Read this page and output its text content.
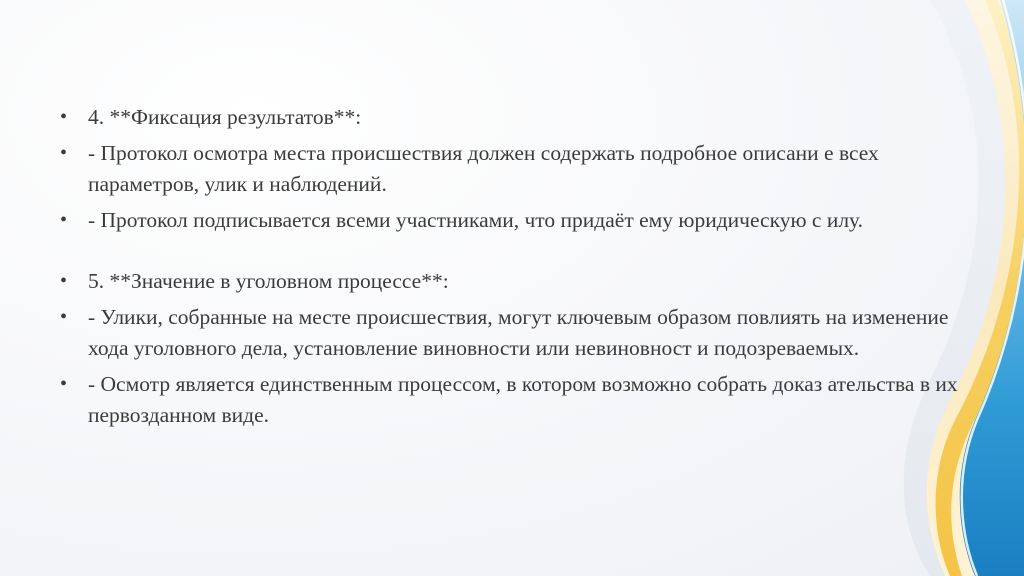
• 4. **Фиксация результатов**:
• - Протокол осмотра места происшествия должен содержать подробное описани е всех параметров, улик и наблюдений.
• - Протокол подписывается всеми участниками, что придаёт ему юридическую с илу.
• 5. **Значение в уголовном процессе**:
• - Улики, собранные на месте происшествия, могут ключевым образом повлиять на изменение хода уголовного дела, установление виновности или невиновност и подозреваемых.
• - Осмотр является единственным процессом, в котором возможно собрать доказ ательства в их первозданном виде.
